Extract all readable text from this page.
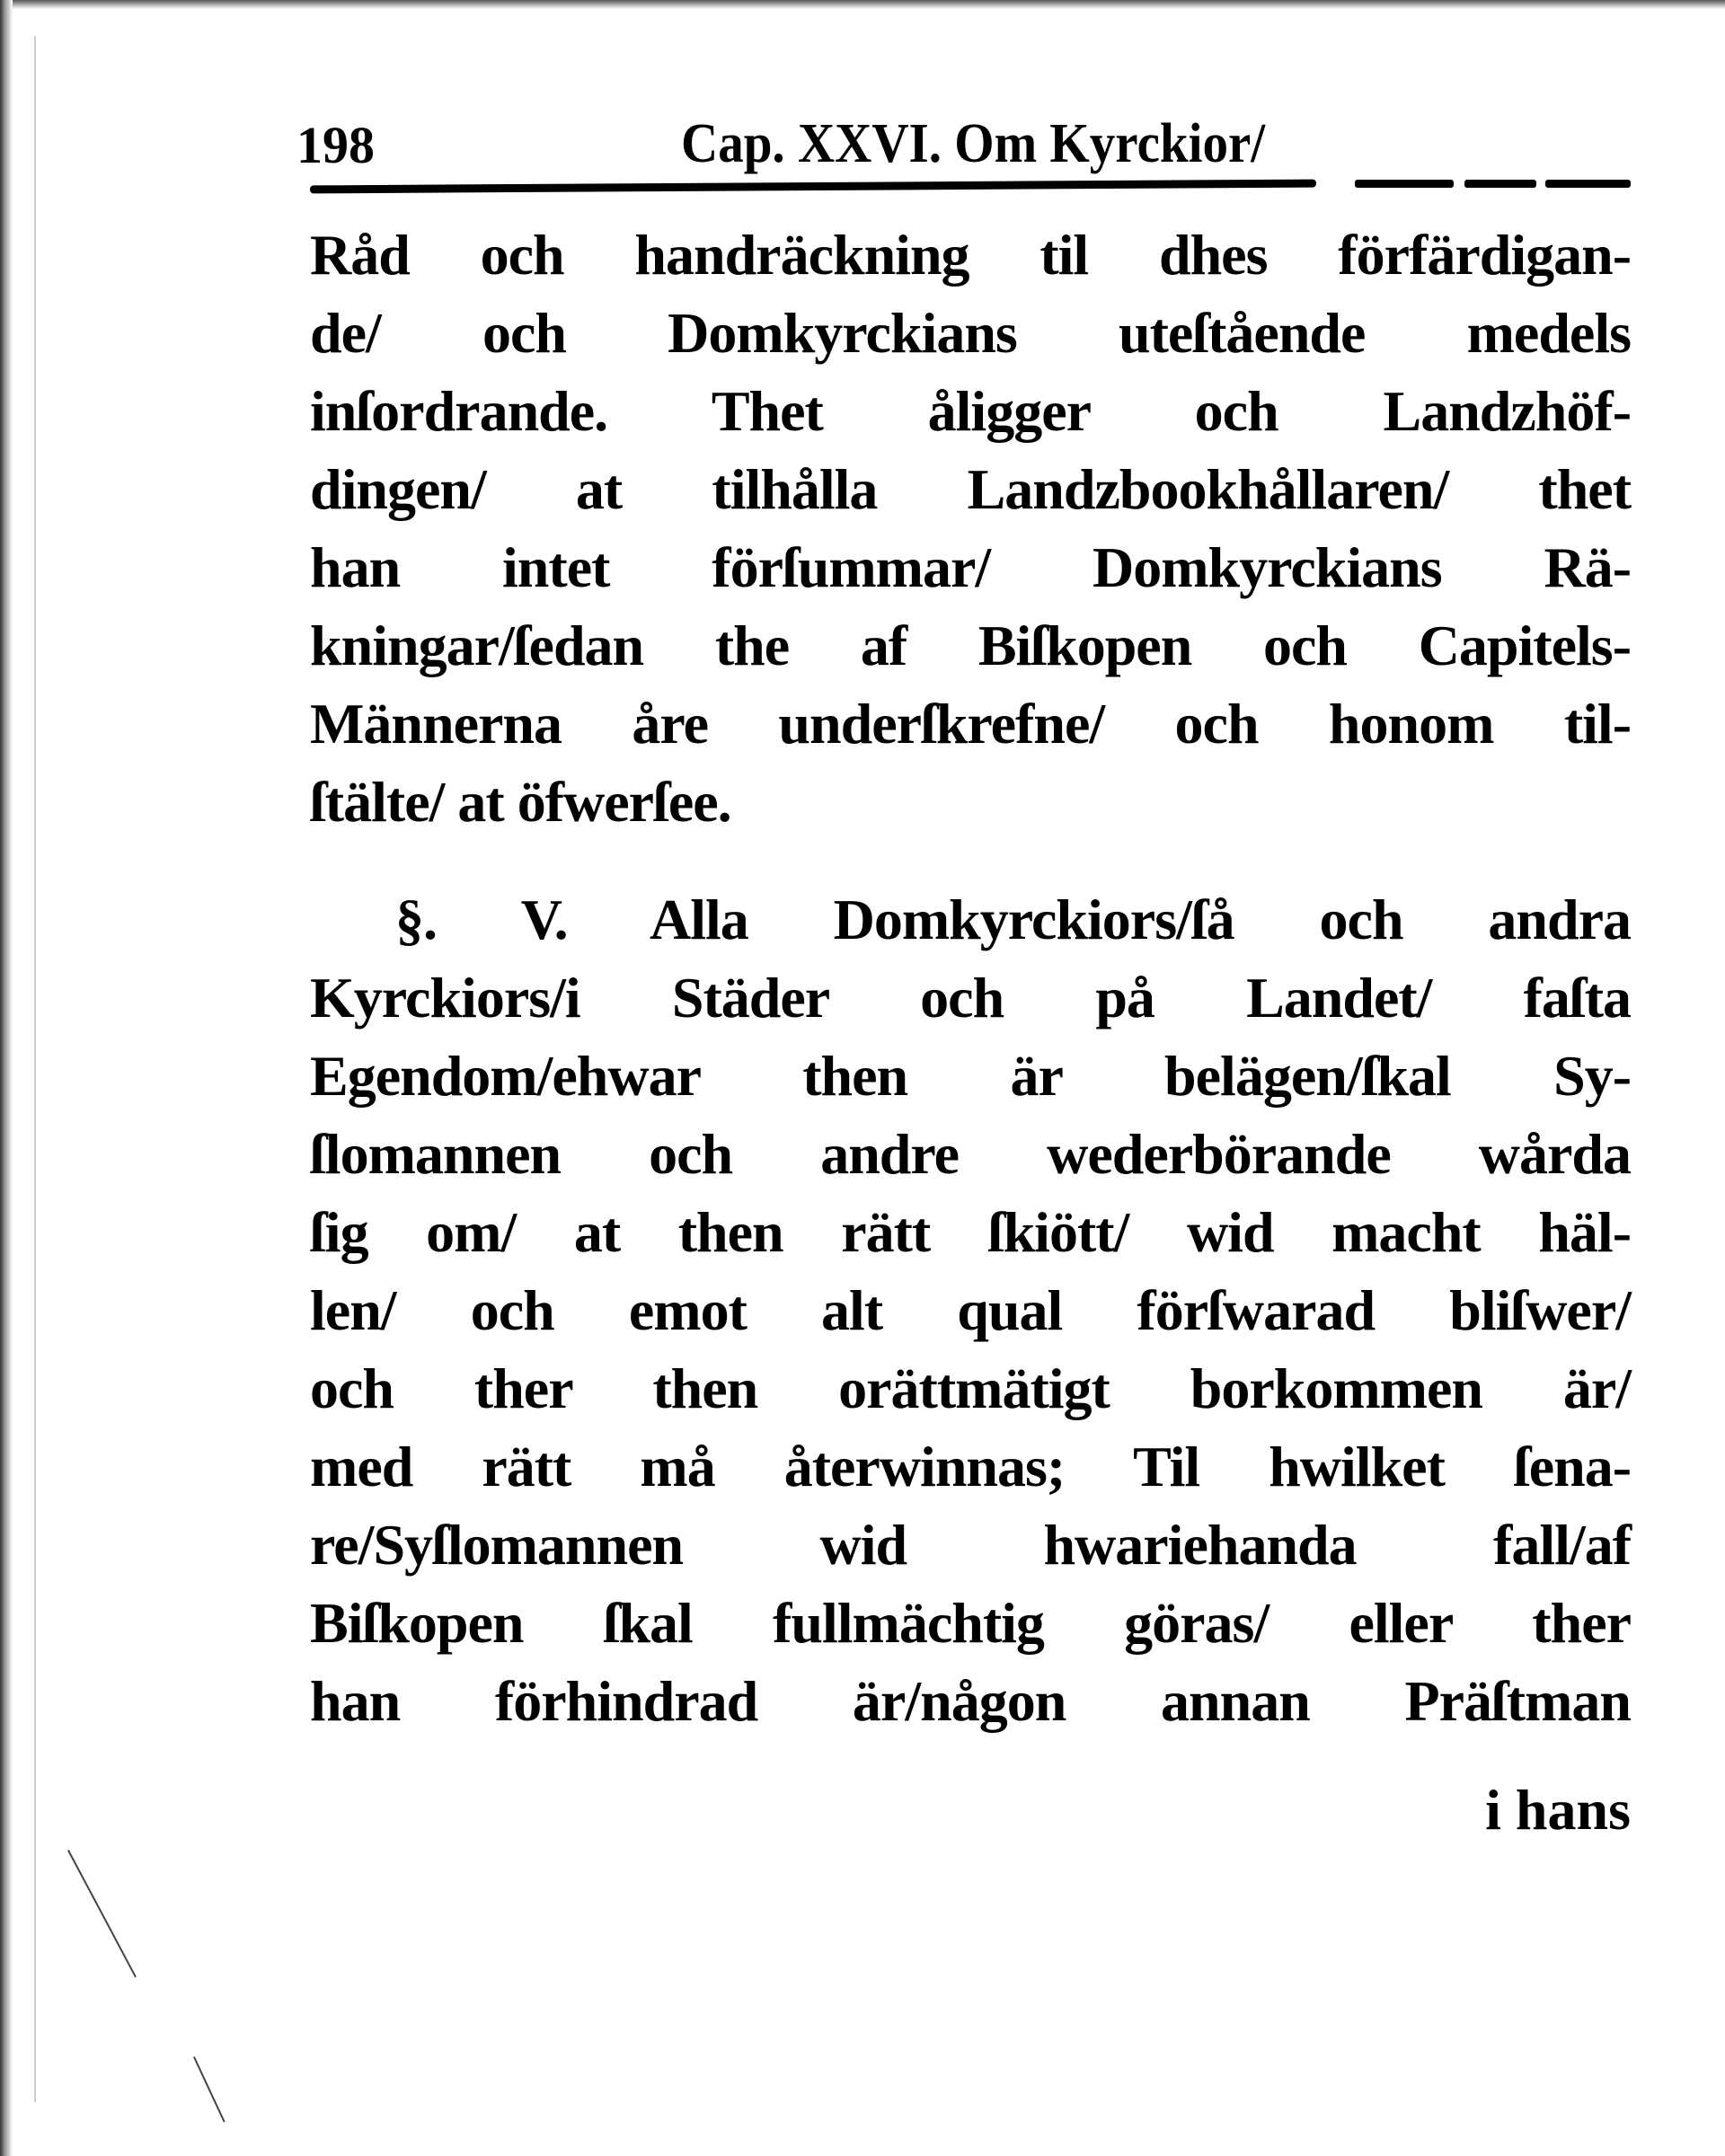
198	Cap. XXVI. Om Kyrckior/
Råd och handräckning til dhes förfärdigan-
de/ och Domkyrckians uteſtående medels
inſordrande. Thet åligger och Landzhöf-
dingen/ at tilhålla Landzbookhållaren/ thet
han intet förſummar/ Domkyrckians Rä-
kningar/ſedan the af Biſkopen och Capitels-
Männerna åre underſkrefne/ och honom til-
ſtälte/ at öfwerſee.
§. V. Alla Domkyrckiors/ſå och andra
Kyrckiors/i Städer och på Landet/ faſta
Egendom/ehwar then är belägen/ſkal Sy-
ſlomannen och andre wederbörande wårda
ſig om/ at then rätt ſkiött/ wid macht häl-
len/ och emot alt qual förſwarad bliſwer/
och ther then orättmätigt borkommen är/
med rätt må återwinnas; Til hwilket ſena-
re/Syſlomannen wid hwariehanda fall/af
Biſkopen ſkal fullmächtig göras/ eller ther
han förhindrad är/någon annan Präſtman
i hans
